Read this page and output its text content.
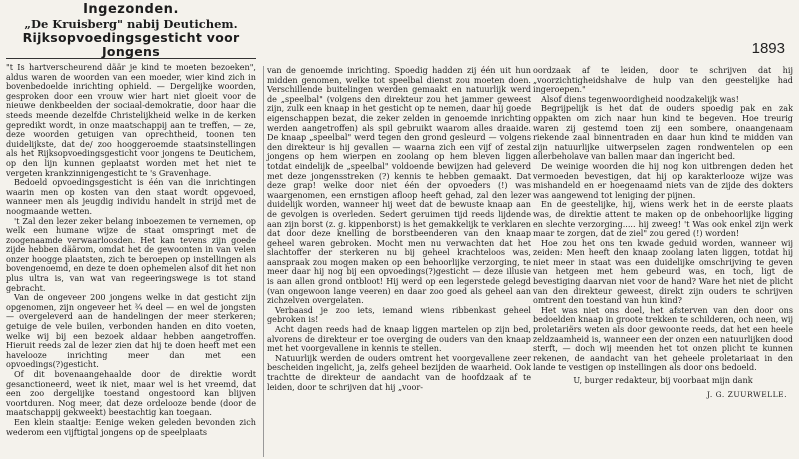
Ingezonden.
„De Kruisberg" nabij Deutichem.
Rijksopvoedingsgesticht voor Jongens	1893

"t Is hartverscheurend däär je kind te moeten bezoeken", aldus waren de woorden van een moeder, wier kind zich in bovenbedoelde inrichting ophield. — Dergelijke woorden, gesproken door een vrouw wier hart niet gloeit voor de nieuwe denkbeelden der sociaal-demokratie, door haar die steeds meende dezelfde Christelijkheid welke in de kerken gepredikt wordt, in onze maatschappij aan te treffen, — ze, deze woorden getuigen van oprechtheid, toonen ten duidelijkste, dat de/ zoo hooggeroemde staatsinstellingen als het Rijksopvoedingsgesticht voor jongens te Deutichem, op den lijn kunnen geplaatst worden met het niet te vergeten krankzinnigengesticht te 's Gravenhage.

Bedoeld opvoedingsgesticht is één van die inrichtingen waarin men op kosten van den staat wordt opgevoed, wanneer men als jeugdig individu handelt in strijd met de noogmaande wetten.

't Zal den lezer zeker belang inboezemen te vernemen, op welk een humane wijze de staat omspringt met de zoogenaamde verwaarloosden. Het kan tevens zijn goede zijde hebben däärom, omdat het de gewoonten in van velen onzer hoogge plaatsten, zich te beroepen op instellingen als bovengenoemd, en deze te doen ophemelen alsof dit het non plus ultra is, van wat van regeeringswege is tot stand gebracht.

Van de ongeveer 200 jongens welke in dat gesticht zijn opgenomen, zijn ongeveer het ¾ deel — en wel de jongsten — overgeleverd aan de handelingen der meer sterkeren; getuige de vele builen, verbonden handen en dito voeten, welke wij bij een bezoek aldaar hebben aangetroffen. Hieruit reeds zal de lezer zien dat hij te doen heeft met een havelooze inrichting meer dan met een opvoedings(?)gesticht.

Of dit bovenaangehaalde door de direktie wordt gesanctioneerd, weet ik niet, maar wel is het vreemd, dat een zoo dergelijke toestand ongestoord kan blijven voortduren. Nog meer, dat deze ordelooze bende (door de maatschappij gekweekt) beestachtig kan toegaan.

Een klein staaltje: Eenige weken geleden bevonden zich wederom een vijftigtal jongens op de speelplaats

van de genoemde inrichting. Spoedig hadden zij één uit hun midden genomen, welke tot speelbal dienst zou moeten doen. Verschillende buitelingen werden gemaakt en natuurlijk werd de „speelbal" (volgens den direkteur zou het jammer geweest zijn, zulk een knaap in het gesticht op te nemen, daar hij goede eigenschappen bezat, die zeker zelden in genoemde inrichting werden aangetroffen) als spil gebruikt waarom alles draaide. De knaap „speelbal" werd tegen den grond gesleurd — volgens den direkteur is hij gevallen — waarna zich een vijf of zestal jongens op hem wierpen en zoolang op hem bleven liggen totdat eindelijk de „speelbal" voldoende bewijzen had geleverd met deze jongensstreken (?) kennis te hebben gemaakt. Dat deze grap! welke door niet één der opvoeders (!) was waargenomen, een ernstigen afloop heeft gehad, zal den lezer duidelijk worden, wanneer hij weet dat de bewuste knaap aan de gevolgen is overleden. Sedert geruimen tijd reeds lijdende aan zijn borst (z. g. kippenborst) is het gemakkelijk te verklaren dat door deze knelling de borstbeenderen van den knaap geheel waren gebroken. Mocht men nu verwachten dat het slachtoffer der sterkeren nu bij geheel krachteloos was, aanspraak zou mogen maken op een behoorlijke verzorging, te meer daar hij nog bij een opvoedings(?)gesticht — deze illusie is aan allen grond ontbloot! Hij werd op een legerstede gelegd (van ongewoon lange veeren) en daar zoo goed als geheel aan zichzelven overgelaten.

Verbaasd je zoo iets, iemand wiens ribbenkast geheel gebroken is!

Acht dagen reeds had de knaap liggen martelen op zijn bed, alvorens de direkteur er toe overging de ouders van den knaap met het voorgevallene in kennis te stellen.

Natuurlijk werden de ouders omtrent het voorgevallene zeer bescheiden ingelicht, ja, zelfs geheel bezijden de waarheid. Ook trachtte de direkteur de aandacht van de hoofdzaak af te leiden, door te schrijven dat hij „voor-

oordzaak af te leiden, door te schrijven dat hij „voorzichtigheidshalve de hulp van den geestelijke had ingeroepen."

Alsof diens tegenwoordigheid noodzakelijk was!

Begrijpelijk is het dat de ouders spoedig pak en zak oppakten om zich naar hun kind te begeven. Hoe treurig waren zij gestemd toen zij een sombere, onaangenaam riekende zaal binnentraden en daar hun kind te midden van zijn natuurlijke uitwerpselen zagen rondwentelen op een allerbeholave van ballen maar dan ingericht bed.

De weinige woorden die hij nog kon uitbrengen deden het vermoeden bevestigen, dat hij op karakterlooze wijze was mishandeld en er hoegenaamd niets van de zijde des dokters was aangewend tot leniging der pijnen.

En de geestelijke, hij, wiens werk het in de eerste plaats was, de direktie attent te maken op de onbehoorlijke ligging en slechte verzorging..... hij zweeg! 't Was ook enkel zijn werk maar te zorgen, dat de ziel" zou gered (!) worden!

Hoe zou het ons ten kwade geduid worden, wanneer wij zeiden: Men heeft den knaap zoolang laten liggen, totdat hij niet meer in staat was een duidelijke omschrijving te geven van hetgeen met hem gebeurd was, en toch, ligt de bevestiging daarvan niet voor de hand? Ware het niet de plicht van den direkteur geweest, direkt zijn ouders te schrijven omtrent den toestand van hun kind?

Het was niet ons doel, het afsterven van den door ons bedoelden knaap in groote trekken te schilderen, och neen, wij proletariërs weten als door gewoonte reeds, dat het een heele zeldzaamheid is, wanneer een der onzen een natuurlijken dood sterft, — doch wij meenden het tot onzen plicht te kunnen rekenen, de aandacht van het geheele proletariaat in den lande te vestigen op instellingen als door ons bedoeld.

U, burger redakteur, bij voorbaat mijn dank
J. G. ZUURWELLE.
